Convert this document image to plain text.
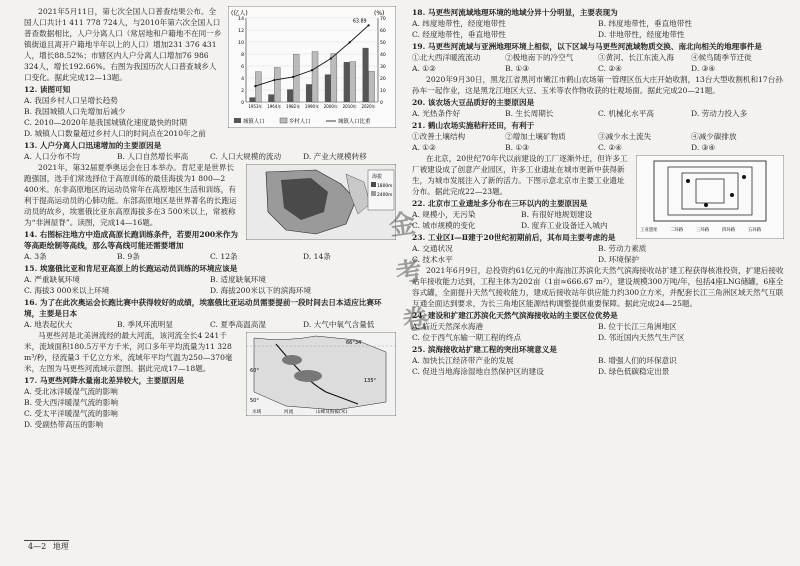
(亿人)	(%)
0
2
4
6
8
10
12
14
0
10
20
30
40
50
60
70
1953年 1964年 1982年 1990年 2000年 2010年 2020年
63.89
城镇人口	乡村人口	城镇人口比重

2021年5月11日，第七次全国人口普查结果公布。全国人口共计1 411 778 724人，与2010年第六次全国人口普查数据相比，人户分离人口（常居地和户籍地不在同一乡镇街道且离开户籍地半年以上的人口）增加231 376 431人，增长88.52%；市辖区内人户分离人口增加76 986 324人，增长192.66%。右图为我国历次人口普查城乡人口变化。据此完成12—13题。

12. 读图可知
A. 我国乡村人口呈增长趋势
B. 我国城镇人口先增加后减少
C. 2010—2020年是我国城镇化速度最快的时期
D. 城镇人口数量超过乡村人口的时间点在2010年之前
13. 人户分离人口迅速增加的主要原因是
A. 人口分布不均	B. 人口自然增长率高	C. 人口大规模的流动	D. 产业大规模转移
海拔
1800m
2400m

2021年，第32届夏季奥运会在日本举办。肯尼亚是世界长跑强国，选手们常选择位于高原训练的最佳海拔为1 800—2 400米。东非高原地区的运动员常年在高原地区生活和训练，有利于提高运动员的心肺功能。东部高原地区是世界著名的长跑运动员的故乡，埃塞俄比亚东高原海拔多在3 500米以上，常被称为“非洲屋脊”。读图，完成14—16题。

14. 右图标注地方中造成高原长跑训练条件，若要用200米作为等高距绘制等高线，那么等高线可能还需要增加
A. 3条	B. 9条	C. 12条	D. 14条
15. 埃塞俄比亚和肯尼亚高原上的长跑运动员训练的环境应该是
A. 严重缺氧环境	B. 适度缺氧环境
C. 海拔3 000米以上环境	D. 海拔200米以下的滨海环境
16. 为了在此次奥运会长跑比赛中获得较好的成绩，埃塞俄比亚运动员需要提前一段时间去日本适应比赛环境，主要是日本
A. 地表起伏大	B. 季风环流明显	C. 夏季高温高湿	D. 大气中氧气含量低
66°34′
60°
50°
135°
水域	河流	山峰及海拔(米)

马更些河是北美洲流经的最大河流，该河流全长4 241千米，流域面积180.5万平方千米，河口多年平均流量为11 328 m³/秒，径流量3 千亿立方米，流域年平均气温为250—370毫米，左图为马更些河流域示意图。据此完成17—18题。

17. 马更些河降水量南北差异较大，主要原因是
A. 受北冰洋暖湿气流的影响
B. 受大西洋暖湿气流的影响
C. 受太平洋暖湿气流的影响
D. 受副热带高压的影响
金考卷
18. 马更些河流域地理环境的地域分异十分明显，主要表现为
A. 纬度地带性，经度地带性	B. 纬度地带性，垂直地带性
C. 经度地带性，垂直地带性	D. 非地带性，经度地带性
19. 马更些河流域与亚洲地理环境上相似，以下区域与马更些河流域物质交换、南北向相关的地理事件是
①北大西洋暖流流动	②极地南下的冷空气	③黄河、长江东流入海	④候鸟随季节迁徙
A. ①②	B. ①③	C. ②④	D. ③④

2020年9月30日，黑龙江省黑河市嫩江市鹤山农场第一管理区伍大庄开始收割，13台大型收割机和17台孙孙车一起作业，这是黑龙江地区大豆、玉米等农作物收获的壮观场面。据此完成20—21题。

20. 该农场大豆品质好的主要原因是
A. 光热条件好	B. 生长周期长	C. 机械化水平高	D. 劳动力投入多
21. 鹤山农场实施秸秆还田，有利于
①改善土壤结构	②增加土壤矿物质	③减少水土流失	④减少碳排放
A. ①②	B. ①③	C. ②④	D. ③④
工业遗址	二环路	三环路	四环路	五环路

在北京，20世纪70年代以前建设的工厂逐渐外迁，但许多工厂被建设成了创意产业园区，许多工业遗址在城市更新中获得新生，为城市发展注入了新的活力。下图示意北京市主要工业遗址分布。据此完成22—23题。

22. 北京市工业遗址多分布在三环以内的主要原因是
A. 规模小，无污染	B. 有很好地规划建设
C. 城市规模的变化	D. 度弃工业设备迁入城内
23. 工业区Ⅰ—Ⅱ建于20世纪初期前后，其布局主要考虑的是
A. 交通状况	B. 劳动力素质
C. 技术水平	D. 环境保护

2021年6月9日，总投资约61亿元的中海油江苏滨化天然气滨海接收站扩建工程获得核准投资，扩建后接收站年接收能力达到，工程主体为202亩（1亩≈666.67 m²），建设规模300万吨/年，包括4座LNG储罐，6座全容式罐，全面提升天然气接收能力，建成后接收站年供应能力约300立方米，并配套长江三角洲区域天然气互联互通全面达到要求，为长三角地区能源结构调整提供重要保障。据此完成24—25题。

24. 建设和扩建江苏滨化天然气滨海接收站的主要区位优势是
A. 临近天然深水海港	B. 位于长江三角洲地区
C. 位于西气东输一期工程的终点	D. 邻近国内天然气生产区
25. 滨海接收站扩建工程的突出环境意义是
A. 加快长江经济带产业的发展	B. 增强人们的环保意识
C. 促进当地海涂湿地自然保护区的建设	D. 绿色低碳稳定出景
4—2 地理
